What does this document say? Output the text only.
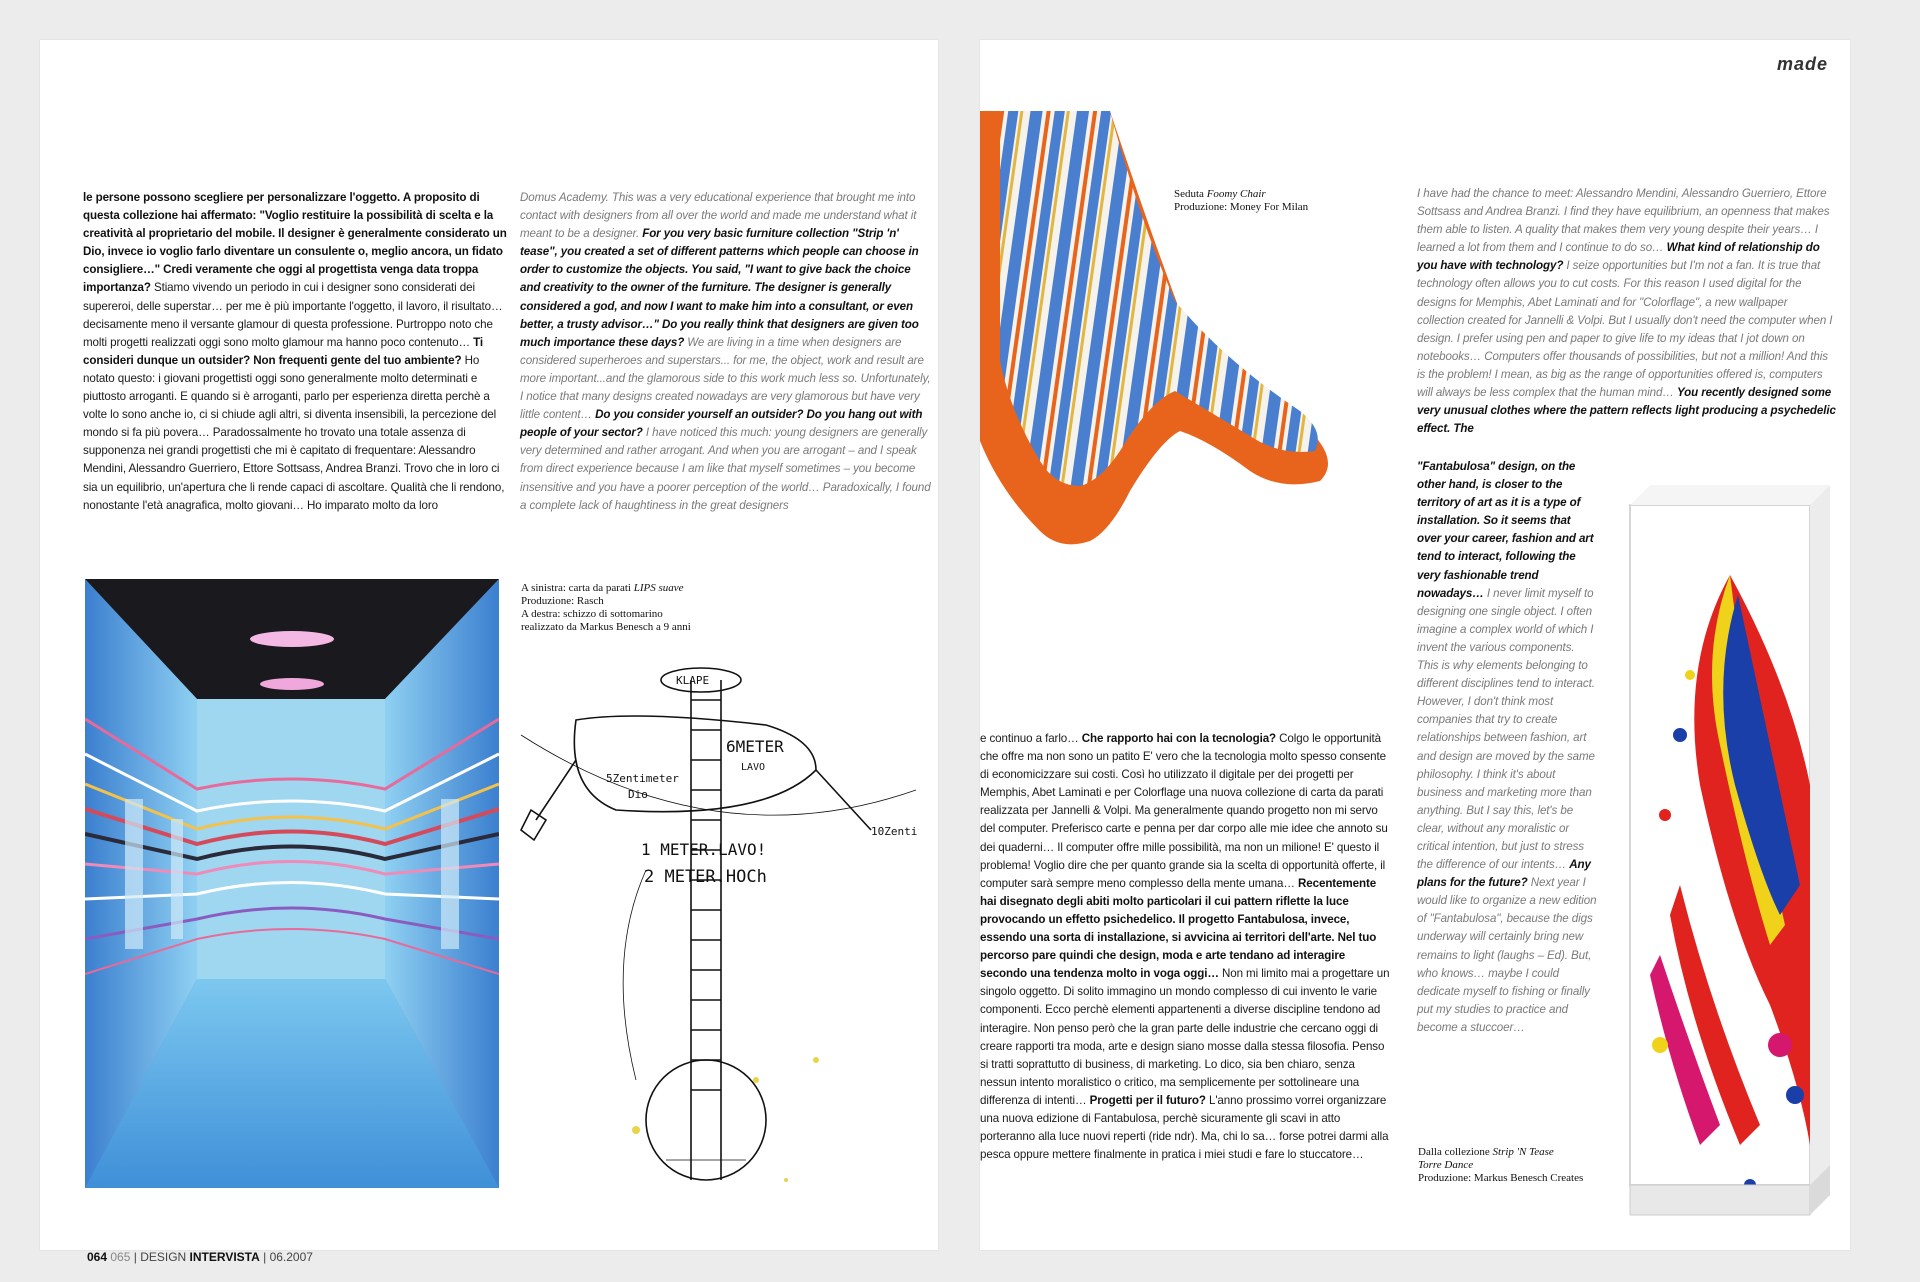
le persone possono scegliere per personalizzare l'oggetto. A proposito di questa collezione hai affermato: "Voglio restituire la possibilità di scelta e la creatività al proprietario del mobile. Il designer è generalmente considerato un Dio, invece io voglio farlo diventare un consulente o, meglio ancora, un fidato consigliere…" Credi veramente che oggi al progettista venga data troppa importanza? Stiamo vivendo un periodo in cui i designer sono considerati dei supereroi, delle superstar… per me è più importante l'oggetto, il lavoro, il risultato… decisamente meno il versante glamour di questa professione. Purtroppo noto che molti progetti realizzati oggi sono molto glamour ma hanno poco contenuto… Ti consideri dunque un outsider? Non frequenti gente del tuo ambiente? Ho notato questo: i giovani progettisti oggi sono generalmente molto determinati e piuttosto arroganti. E quando si è arroganti, parlo per esperienza diretta perchè a volte lo sono anche io, ci si chiude agli altri, si diventa insensibili, la percezione del mondo si fa più povera… Paradossalmente ho trovato una totale assenza di supponenza nei grandi progettisti che mi è capitato di frequentare: Alessandro Mendini, Alessandro Guerriero, Ettore Sottsass, Andrea Branzi. Trovo che in loro ci sia un equilibrio, un'apertura che li rende capaci di ascoltare. Qualità che li rendono, nonostante l'età anagrafica, molto giovani… Ho imparato molto da loro

Domus Academy. This was a very educational experience that brought me into contact with designers from all over the world and made me understand what it meant to be a designer. For you very basic furniture collection "Strip 'n' tease", you created a set of different patterns which people can choose in order to customize the objects. You said, "I want to give back the choice and creativity to the owner of the furniture. The designer is generally considered a god, and now I want to make him into a consultant, or even better, a trusty advisor…" Do you really think that designers are given too much importance these days? We are living in a time when designers are considered superheroes and superstars... for me, the object, work and result are more important...and the glamorous side to this work much less so. Unfortunately, I notice that many designs created nowadays are very glamorous but have very little content… Do you consider yourself an outsider? Do you hang out with people of your sector? I have noticed this much: young designers are generally very determined and rather arrogant. And when you are arrogant – and I speak from direct experience because I am like that myself sometimes – you become insensitive and you have a poorer perception of the world… Paradoxically, I found a complete lack of haughtiness in the great designers

A sinistra: carta da parati LIPS suave
Produzione: Rasch
A destra: schizzo di sottomarino
realizzato da Markus Benesch a 9 anni
KLAPE
6METER
LAVO
5Zentimeter
Dio
10Zenti
1 METER.LAVO!
2 METER.HOCh
064 065 | DESIGN INTERVISTA | 06.2007
made
Seduta Foomy Chair
Produzione: Money For Milan

e continuo a farlo… Che rapporto hai con la tecnologia? Colgo le opportunità che offre ma non sono un patito E' vero che la tecnologia molto spesso consente di economicizzare sui costi. Così ho utilizzato il digitale per dei progetti per Memphis, Abet Laminati e per Colorflage una nuova collezione di carta da parati realizzata per Jannelli & Volpi. Ma generalmente quando progetto non mi servo del computer. Preferisco carte e penna per dar corpo alle mie idee che annoto su dei quaderni… Il computer offre mille possibilità, ma non un milione! E' questo il problema! Voglio dire che per quanto grande sia la scelta di opportunità offerte, il computer sarà sempre meno complesso della mente umana… Recentemente hai disegnato degli abiti molto particolari il cui pattern riflette la luce provocando un effetto psichedelico. Il progetto Fantabulosa, invece, essendo una sorta di installazione, si avvicina ai territori dell'arte. Nel tuo percorso pare quindi che design, moda e arte tendano ad interagire secondo una tendenza molto in voga oggi… Non mi limito mai a progettare un singolo oggetto. Di solito immagino un mondo complesso di cui invento le varie componenti. Ecco perchè elementi appartenenti a diverse discipline tendono ad interagire. Non penso però che la gran parte delle industrie che cercano oggi di creare rapporti tra moda, arte e design siano mosse dalla stessa filosofia. Penso si tratti soprattutto di business, di marketing. Lo dico, sia ben chiaro, senza nessun intento moralistico o critico, ma semplicemente per sottolineare una differenza di intenti… Progetti per il futuro? L'anno prossimo vorrei organizzare una nuova edizione di Fantabulosa, perchè sicuramente gli scavi in atto porteranno alla luce nuovi reperti (ride ndr). Ma, chi lo sa… forse potrei darmi alla pesca oppure mettere finalmente in pratica i miei studi e fare lo stuccatore…

I have had the chance to meet: Alessandro Mendini, Alessandro Guerriero, Ettore Sottsass and Andrea Branzi. I find they have equilibrium, an openness that makes them able to listen. A quality that makes them very young despite their years… I learned a lot from them and I continue to do so… What kind of relationship do you have with technology? I seize opportunities but I'm not a fan. It is true that technology often allows you to cut costs. For this reason I used digital for the designs for Memphis, Abet Laminati and for "Colorflage", a new wallpaper collection created for Jannelli & Volpi. But I usually don't need the computer when I design. I prefer using pen and paper to give life to my ideas that I jot down on notebooks… Computers offer thousands of possibilities, but not a million! And this is the problem! I mean, as big as the range of opportunities offered is, computers will always be less complex that the human mind… You recently designed some very unusual clothes where the pattern reflects light producing a psychedelic effect. The

"Fantabulosa" design, on the other hand, is closer to the territory of art as it is a type of installation. So it seems that over your career, fashion and art tend to interact, following the very fashionable trend nowadays… I never limit myself to designing one single object. I often imagine a complex world of which I invent the various components. This is why elements belonging to different disciplines tend to interact. However, I don't think most companies that try to create relationships between fashion, art and design are moved by the same philosophy. I think it's about business and marketing more than anything. But I say this, let's be clear, without any moralistic or critical intention, but just to stress the difference of our intents… Any plans for the future? Next year I would like to organize a new edition of "Fantabulosa", because the digs underway will certainly bring new remains to light (laughs – Ed). But, who knows… maybe I could dedicate myself to fishing or finally put my studies to practice and become a stuccoer…

Dalla collezione Strip 'N Tease
Torre Dance
Produzione: Markus Benesch Creates
